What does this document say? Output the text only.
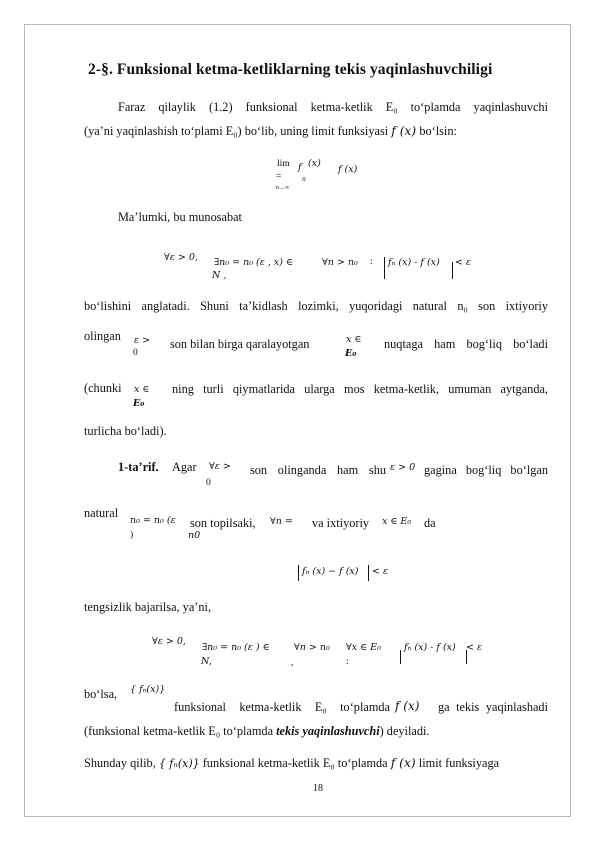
2-§. Funksional ketma-ketliklarning tekis yaqinlashuvchiligi
Faraz qilaylik (1.2) funksional ketma-ketlik E₀ to‘plamda yaqinlashuvchi
(ya’ni yaqinlashish to‘plami E₀) bo‘lib, uning limit funksiyasi f (x) bo‘lsin:
lim
=
n→∞
f
n
(x)
f (x)
Ma’lumki, bu munosabat
∀ε > 0, ∃n₀ = n₀ (ε , x) ∈
N ,
∀n > n₀ : fₙ (x) - f (x) < ε
bo‘lishini anglatadi. Shuni ta’kidlash lozimki, yuqoridagi natural n₀ son ixtiyoriy
olingan ε >
0
son bilan birga qaralayotgan	x ∈
E₀
nuqtaga ham bog‘liq bo‘ladi
(chunki x ∈
E₀
ning turli qiymatlarida ularga mos ketma-ketlik, umuman aytganda,
turlicha bo‘ladi).
1-ta’rif. Agar ∀ε >
0
son olinganda ham shu ε > 0 gagina bog‘liq bo‘lgan
natural
n₀ = n₀ (ε
)
son topilsaki,
n0
∀n = va ixtiyoriy x ∈ E₀ da
fₙ (x) − f (x) < ε
tengsizlik bajarilsa, ya’ni,
∀ε > 0,
∃n₀ = n₀ (ε ) ∈
N,
∀n > n₀
,
∀x ∈ E₀
:
fₙ (x) - f (x) < ε
bo‘lsa, { fₙ(x)}
funksional ketma-ketlik E₀ to‘plamda f (x) ga tekis yaqinlashadi
(funksional ketma-ketlik E₀ to‘plamda tekis yaqinlashuvchi) deyiladi.
Shunday qilib, { fₙ(x)} funksional ketma-ketlik E₀ to‘plamda f (x) limit funksiyaga
18
